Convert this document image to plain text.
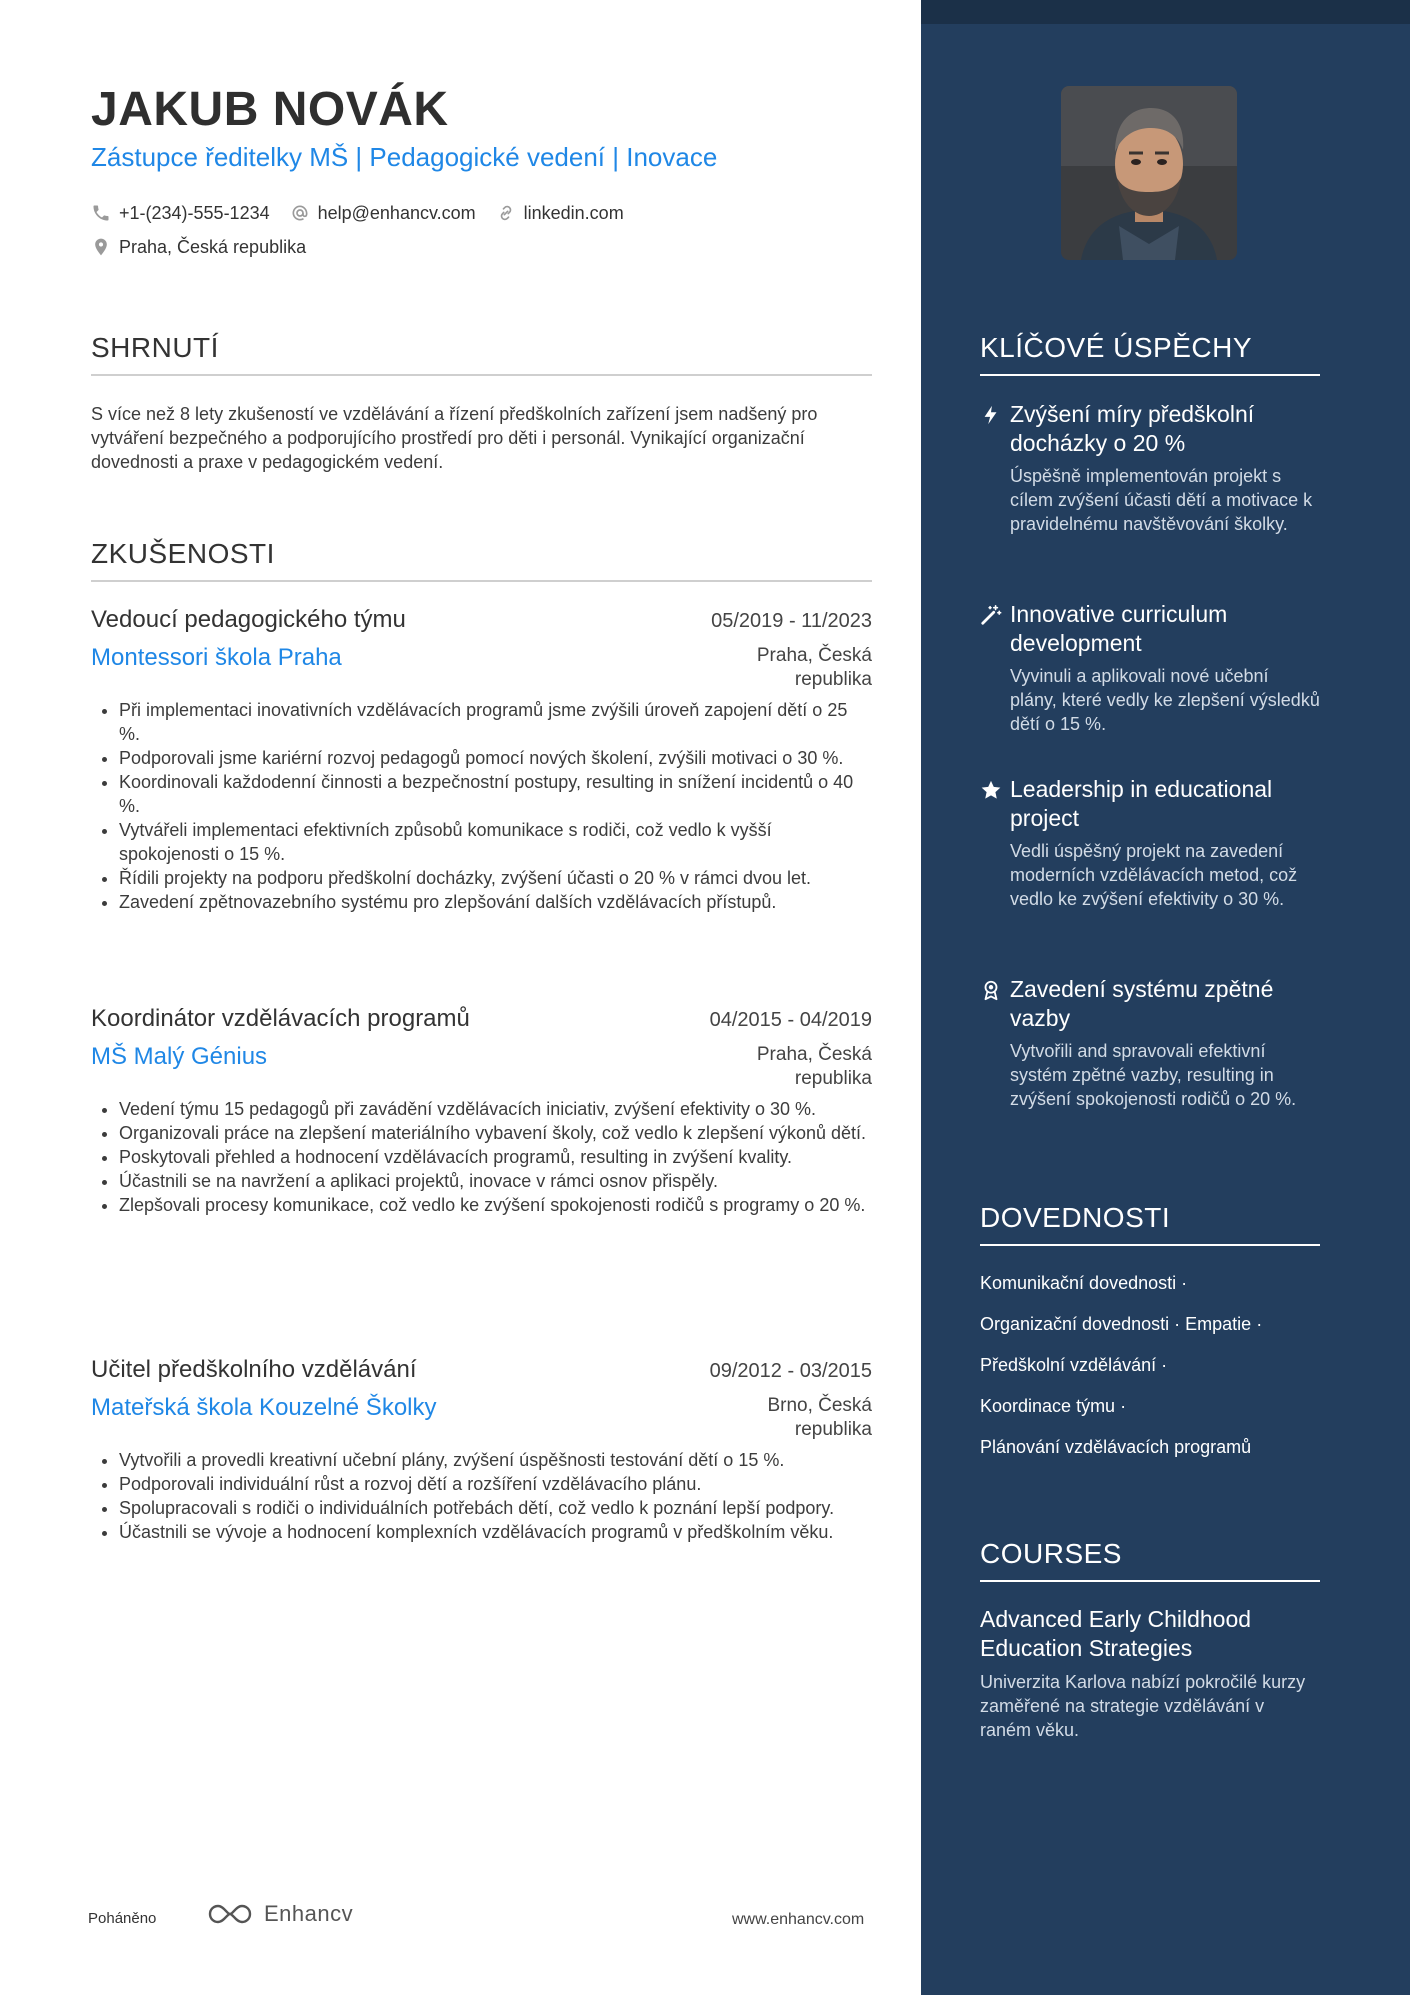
JAKUB NOVÁK
Zástupce ředitelky MŠ | Pedagogické vedení | Inovace
+1-(234)-555-1234	help@enhancv.com	linkedin.com
Praha, Česká republika
SHRNUTÍ

S více než 8 lety zkušeností ve vzdělávání a řízení předškolních zařízení jsem nadšený pro vytváření bezpečného a podporujícího prostředí pro děti i personál. Vynikající organizační dovednosti a praxe v pedagogickém vedení.

ZKUŠENOSTI
Vedoucí pedagogického týmu	05/2019 - 11/2023
Montessori škola Praha	Praha, Česká republika
• Při implementaci inovativních vzdělávacích programů jsme zvýšili úroveň zapojení dětí o 25 %.
• Podporovali jsme kariérní rozvoj pedagogů pomocí nových školení, zvýšili motivaci o 30 %.
• Koordinovali každodenní činnosti a bezpečnostní postupy, resulting in snížení incidentů o 40 %.
• Vytvářeli implementaci efektivních způsobů komunikace s rodiči, což vedlo k vyšší spokojenosti o 15 %.
• Řídili projekty na podporu předškolní docházky, zvýšení účasti o 20 % v rámci dvou let.
• Zavedení zpětnovazebního systému pro zlepšování dalších vzdělávacích přístupů.
Koordinátor vzdělávacích programů	04/2015 - 04/2019
MŠ Malý Génius	Praha, Česká republika
• Vedení týmu 15 pedagogů při zavádění vzdělávacích iniciativ, zvýšení efektivity o 30 %.
• Organizovali práce na zlepšení materiálního vybavení školy, což vedlo k zlepšení výkonů dětí.
• Poskytovali přehled a hodnocení vzdělávacích programů, resulting in zvýšení kvality.
• Účastnili se na navržení a aplikaci projektů, inovace v rámci osnov přispěly.
• Zlepšovali procesy komunikace, což vedlo ke zvýšení spokojenosti rodičů s programy o 20 %.
Učitel předškolního vzdělávání	09/2012 - 03/2015
Mateřská škola Kouzelné Školky	Brno, Česká republika
• Vytvořili a provedli kreativní učební plány, zvýšení úspěšnosti testování dětí o 15 %.
• Podporovali individuální růst a rozvoj dětí a rozšíření vzdělávacího plánu.
• Spolupracovali s rodiči o individuálních potřebách dětí, což vedlo k poznání lepší podpory.
• Účastnili se vývoje a hodnocení komplexních vzdělávacích programů v předškolním věku.
Poháněno	Enhancv	www.enhancv.com
KLÍČOVÉ ÚSPĚCHY
Zvýšení míry předškolní docházky o 20 %
Úspěšně implementován projekt s cílem zvýšení účasti dětí a motivace k pravidelnému navštěvování školky.
Innovative curriculum development
Vyvinuli a aplikovali nové učební plány, které vedly ke zlepšení výsledků dětí o 15 %.
Leadership in educational project
Vedli úspěšný projekt na zavedení moderních vzdělávacích metod, což vedlo ke zvýšení efektivity o 30 %.
Zavedení systému zpětné vazby
Vytvořili and spravovali efektivní systém zpětné vazby, resulting in zvýšení spokojenosti rodičů o 20 %.
DOVEDNOSTI
Komunikační dovednosti ·
Organizační dovednosti · Empatie ·
Předškolní vzdělávání ·
Koordinace týmu ·
Plánování vzdělávacích programů
COURSES
Advanced Early Childhood Education Strategies
Univerzita Karlova nabízí pokročilé kurzy zaměřené na strategie vzdělávání v raném věku.
